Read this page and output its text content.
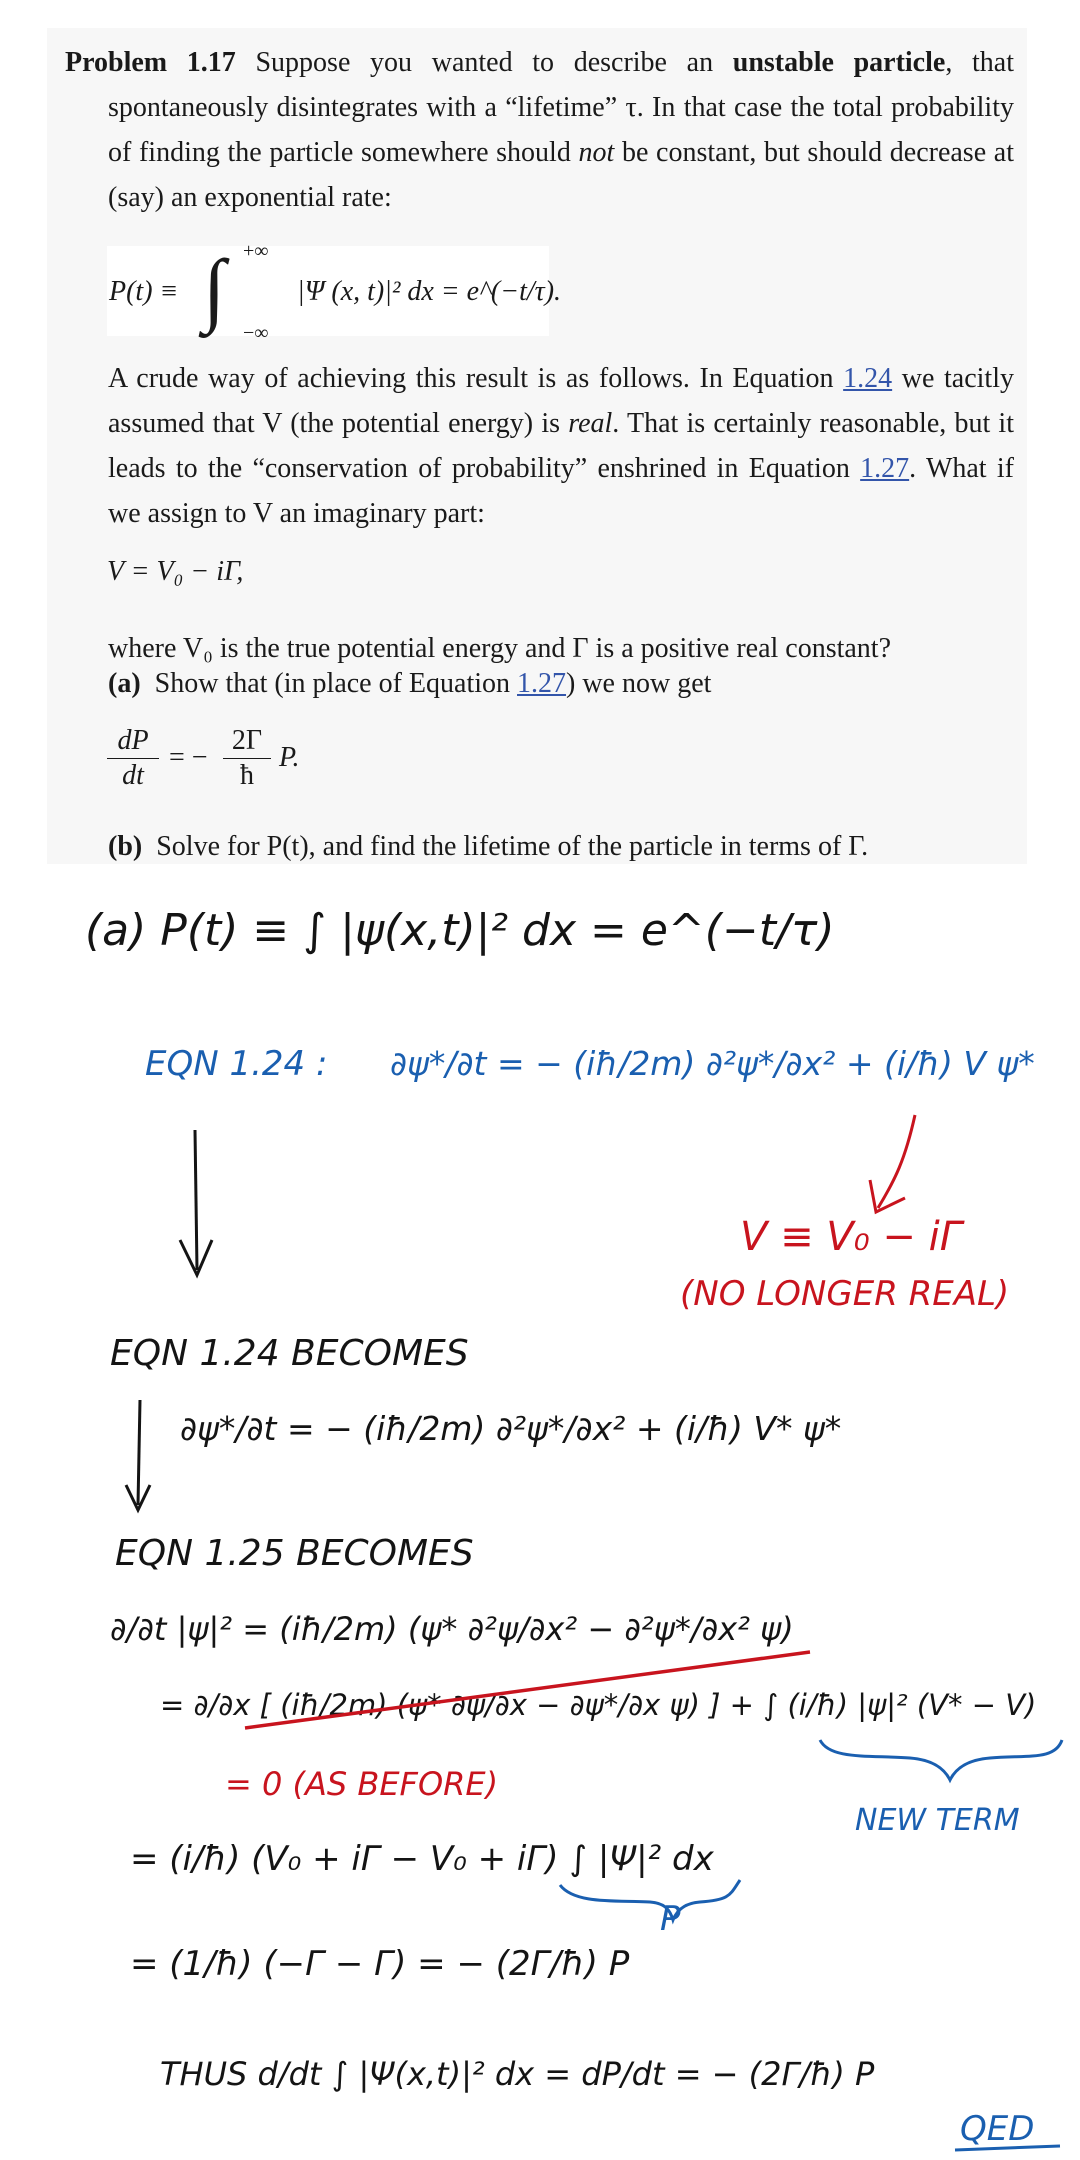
Problem 1.17 Suppose you wanted to describe an unstable particle, that spontaneously disintegrates with a “lifetime” τ. In that case the total probability of finding the particle somewhere should not be constant, but should decrease at (say) an exponential rate:
P(t) ≡ ∫ +∞
−∞
|Ψ (x, t)|² dx = e^(−t/τ).
A crude way of achieving this result is as follows. In Equation 1.24 we tacitly assumed that V (the potential energy) is real. That is certainly reasonable, but it leads to the “conservation of probability” enshrined in Equation 1.27. What if we assign to V an imaginary part:
V = V₀ − iΓ,
where V₀ is the true potential energy and Γ is a positive real constant?
(a) Show that (in place of Equation 1.27) we now get
$\frac{dP}{dt}$ = − $\frac{2\Gamma}{ħ} P$.
(b) Solve for P(t), and find the lifetime of the particle in terms of Γ.
(a) P(t) ≡ ∫ |ψ(x,t)|² dx = e^(−t/τ)
EQN 1.24 : ∂ψ*/∂t = − (iħ/2m) ∂²ψ*/∂x² + (i/ħ) V ψ*
V ≡ V₀ − iΓ
(NO LONGER REAL)
EQN 1.24 BECOMES
∂ψ*/∂t = − (iħ/2m) ∂²ψ*/∂x² + (i/ħ) V* ψ*
EQN 1.25 BECOMES
∂/∂t |ψ|² = (iħ/2m) (ψ* ∂²ψ/∂x² − ∂²ψ*/∂x² ψ)
= ∂/∂x [ (iħ/2m) (ψ* ∂ψ/∂x − ∂ψ*/∂x ψ) ] + ∫ (i/ħ) |ψ|² (V* − V)
= 0 (AS BEFORE)
NEW TERM
= (i/ħ) (V₀ + iΓ − V₀ + iΓ) ∫ |Ψ|² dx
P
= (1/ħ) (−Γ − Γ) = − (2Γ/ħ) P
THUS d/dt ∫ |Ψ(x,t)|² dx = dP/dt = − (2Γ/ħ) P
QED
